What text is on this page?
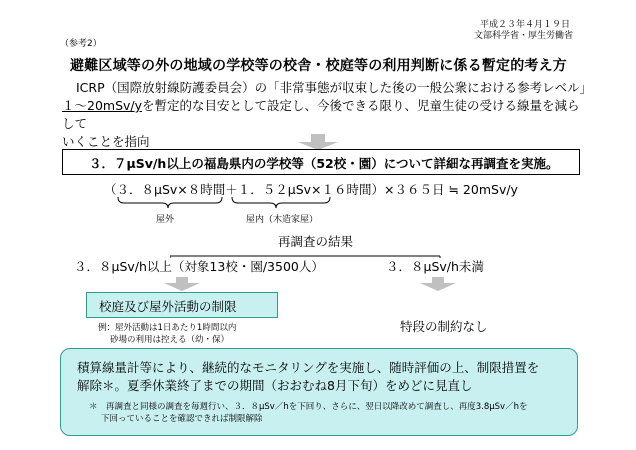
（参考2）
平成２３年４月１９日
文部科学省・厚生労働省
避難区域等の外の地域の学校等の校舎・校庭等の利用判断に係る暫定的考え方
ICRP（国際放射線防護委員会）の「非常事態が収束した後の一般公衆における参考レベル」
１～20mSv/yを暫定的な目安として設定し、今後できる限り、児童生徒の受ける線量を減らして
いくことを指向
３．７μSv/h以上の福島県内の学校等（52校・園）について詳細な再調査を実施。
（３．８μSv×８時間＋１．５２μSv×１６時間）×３６５日 ≒ 20mSv/y
屋外	屋内（木造家屋）
再調査の結果
３．８μSv/h以上（対象13校・園/3500人）	３．８μSv/h未満
校庭及び屋外活動の制限
例：屋外活動は1日あたり1時間以内
砂場の利用は控える（幼・保）
特段の制約なし
積算線量計等により、継続的なモニタリングを実施し、随時評価の上、制限措置を
解除＊。夏季休業終了までの期間（おおむね8月下旬）をめどに見直し
＊　再調査と同様の調査を毎週行い、３．８μSv／hを下回り、さらに、翌日以降改めて調査し、再度3.8μSv／hを
下回っていることを確認できれば制限解除
